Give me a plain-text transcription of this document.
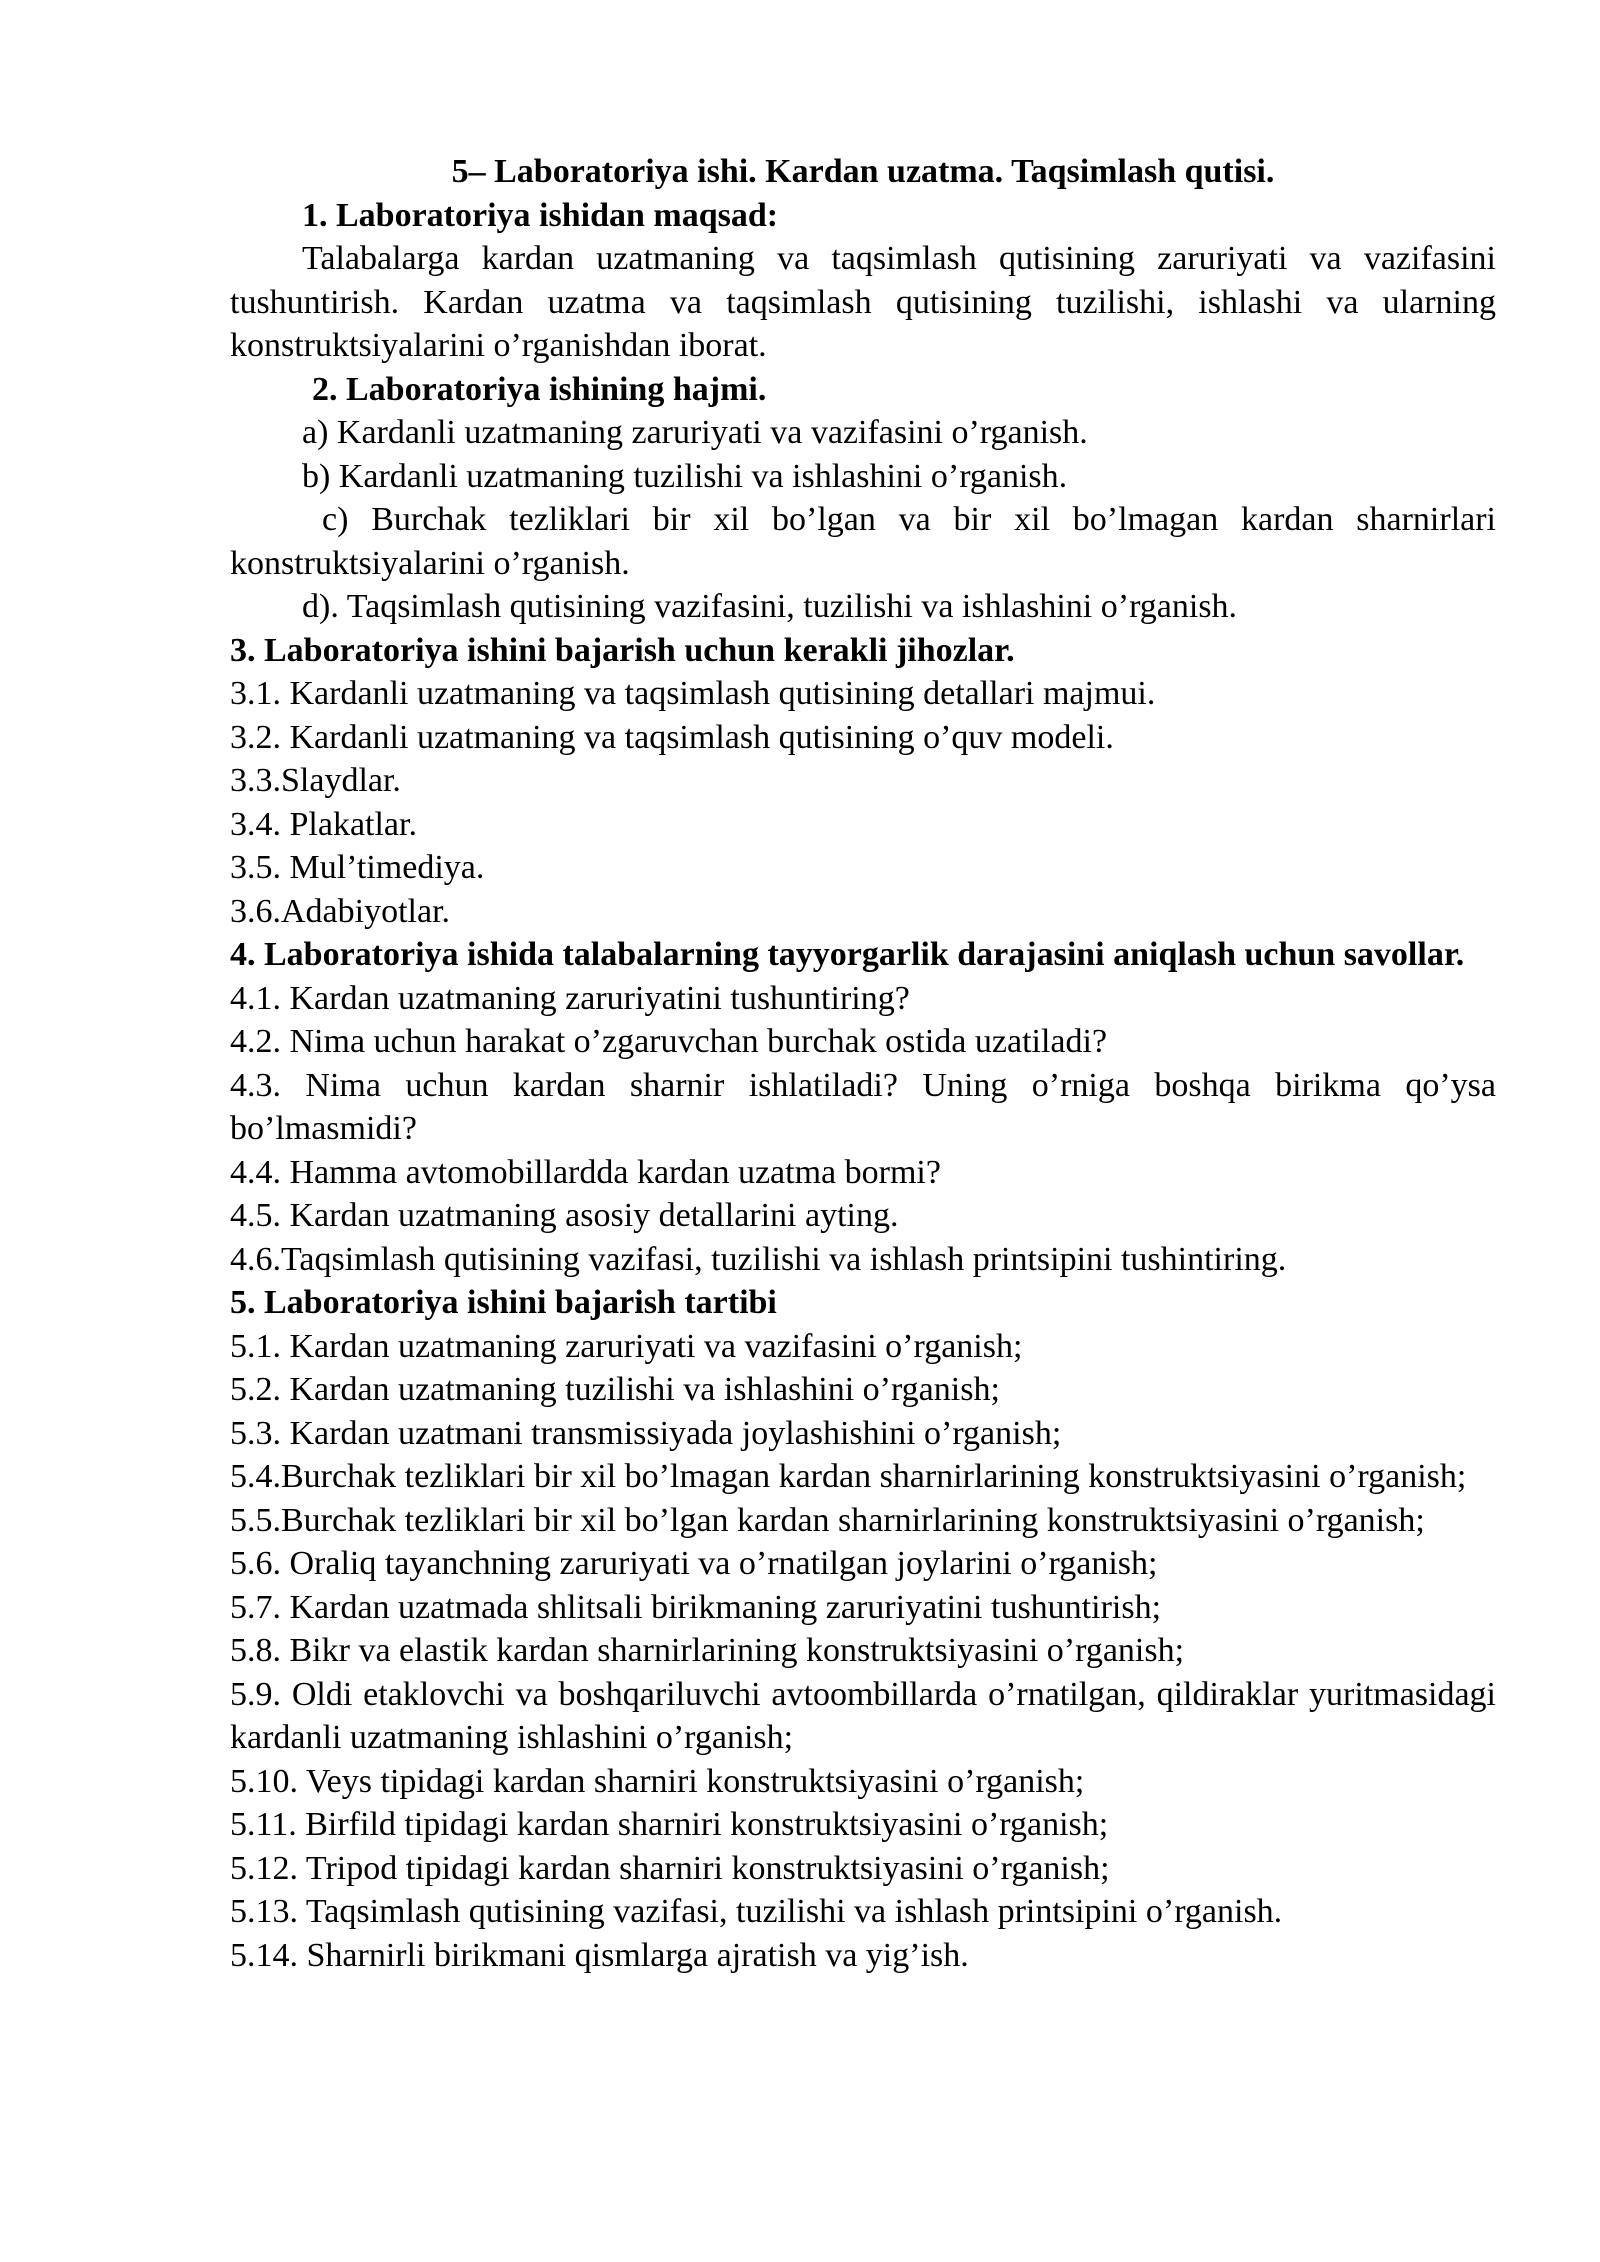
5– Laboratoriya ishi. Kardan uzatma. Taqsimlash qutisi.

1. Laboratoriya ishidan maqsad:

Talabalarga kardan uzatmaning va taqsimlash qutisining zaruriyati va vazifasini tushuntirish. Kardan uzatma va taqsimlash qutisining tuzilishi, ishlashi va ularning konstruktsiyalarini o’rganishdan iborat.

2. Laboratoriya ishining hajmi.

a) Kardanli uzatmaning zaruriyati va vazifasini o’rganish.

b) Kardanli uzatmaning tuzilishi va ishlashini o’rganish.

c) Burchak tezliklari bir xil bo’lgan va bir xil bo’lmagan kardan sharnirlari konstruktsiyalarini o’rganish.

d). Taqsimlash qutisining vazifasini, tuzilishi va ishlashini o’rganish.

3. Laboratoriya ishini bajarish uchun kerakli jihozlar.

3.1. Kardanli uzatmaning va taqsimlash qutisining detallari majmui.

3.2. Kardanli uzatmaning va taqsimlash qutisining o’quv modeli.

3.3.Slaydlar.

3.4. Plakatlar.

3.5. Mul’timediya.

3.6.Adabiyotlar.

4. Laboratoriya ishida talabalarning tayyorgarlik darajasini aniqlash uchun savollar.

4.1. Kardan uzatmaning zaruriyatini tushuntiring?

4.2. Nima uchun harakat o’zgaruvchan burchak ostida uzatiladi?

4.3. Nima uchun kardan sharnir ishlatiladi? Uning o’rniga boshqa birikma qo’ysa bo’lmasmidi?

4.4. Hamma avtomobillardda kardan uzatma bormi?

4.5. Kardan uzatmaning asosiy detallarini ayting.

4.6.Taqsimlash qutisining vazifasi, tuzilishi va ishlash printsipini tushintiring.

5. Laboratoriya ishini bajarish tartibi

5.1. Kardan uzatmaning zaruriyati va vazifasini o’rganish;

5.2. Kardan uzatmaning tuzilishi va ishlashini o’rganish;

5.3. Kardan uzatmani transmissiyada joylashishini o’rganish;

5.4.Burchak tezliklari bir xil bo’lmagan kardan sharnirlarining konstruktsiyasini o’rganish;

5.5.Burchak tezliklari bir xil bo’lgan kardan sharnirlarining konstruktsiyasini o’rganish;

5.6. Oraliq tayanchning zaruriyati va o’rnatilgan joylarini o’rganish;

5.7. Kardan uzatmada shlitsali birikmaning zaruriyatini tushuntirish;

5.8. Bikr va elastik kardan sharnirlarining konstruktsiyasini o’rganish;

5.9. Oldi etaklovchi va boshqariluvchi avtoombillarda o’rnatilgan, qildiraklar yuritmasidagi kardanli uzatmaning ishlashini o’rganish;

5.10. Veys tipidagi kardan sharniri konstruktsiyasini o’rganish;

5.11. Birfild tipidagi kardan sharniri konstruktsiyasini o’rganish;

5.12. Tripod tipidagi kardan sharniri konstruktsiyasini o’rganish;

5.13. Taqsimlash qutisining vazifasi, tuzilishi va ishlash printsipini o’rganish.

5.14. Sharnirli birikmani qismlarga ajratish va yig’ish.
